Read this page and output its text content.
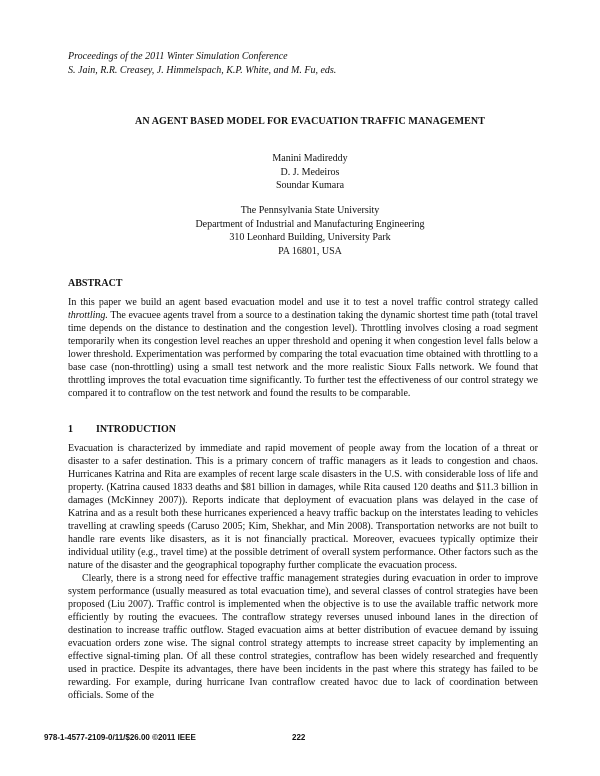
Proceedings of the 2011 Winter Simulation Conference
S. Jain, R.R. Creasey, J. Himmelspach, K.P. White, and M. Fu, eds.
AN AGENT BASED MODEL FOR EVACUATION TRAFFIC MANAGEMENT
Manini Madireddy
D. J. Medeiros
Soundar Kumara
The Pennsylvania State University
Department of Industrial and Manufacturing Engineering
310 Leonhard Building, University Park
PA 16801, USA
ABSTRACT

In this paper we build an agent based evacuation model and use it to test a novel traffic control strategy called throttling. The evacuee agents travel from a source to a destination taking the dynamic shortest time path (total travel time depends on the distance to destination and the congestion level). Throttling involves closing a road segment temporarily when its congestion level reaches an upper threshold and opening it when congestion level falls below a lower threshold. Experimentation was performed by comparing the total evacuation time obtained with throttling to a base case (non-throttling) using a small test network and the more realistic Sioux Falls network. We found that throttling improves the total evacuation time significantly. To further test the effectiveness of our control strategy we compared it to contraflow on the test network and found the results to be comparable.

1 INTRODUCTION

Evacuation is characterized by immediate and rapid movement of people away from the location of a threat or disaster to a safer destination. This is a primary concern of traffic managers as it leads to congestion and chaos. Hurricanes Katrina and Rita are examples of recent large scale disasters in the U.S. with considerable loss of life and property. (Katrina caused 1833 deaths and $81 billion in damages, while Rita caused 120 deaths and $11.3 billion in damages (McKinney 2007)). Reports indicate that deployment of evacuation plans was delayed in the case of Katrina and as a result both these hurricanes experienced a heavy traffic backup on the interstates leading to vehicles travelling at crawling speeds (Caruso 2005; Kim, Shekhar, and Min 2008). Transportation networks are not built to handle rare events like disasters, as it is not financially practical. Moreover, evacuees typically optimize their individual utility (e.g., travel time) at the possible detriment of overall system performance. Other factors such as the nature of the disaster and the geographical topography further complicate the evacuation process.

Clearly, there is a strong need for effective traffic management strategies during evacuation in order to improve system performance (usually measured as total evacuation time), and several classes of control strategies have been proposed (Liu 2007). Traffic control is implemented when the objective is to use the available traffic network more efficiently by routing the evacuees. The contraflow strategy reverses unused inbound lanes in the direction of destination to increase traffic outflow. Staged evacuation aims at better distribution of evacuee demand by issuing evacuation orders zone wise. The signal control strategy attempts to increase street capacity by implementing an effective signal-timing plan. Of all these control strategies, contraflow has been widely researched and frequently used in practice. Despite its advantages, there have been incidents in the past where this strategy has failed to be rewarding. For example, during hurricane Ivan contraflow created havoc due to lack of coordination between officials. Some of the

978-1-4577-2109-0/11/$26.00 ©2011 IEEE	222
